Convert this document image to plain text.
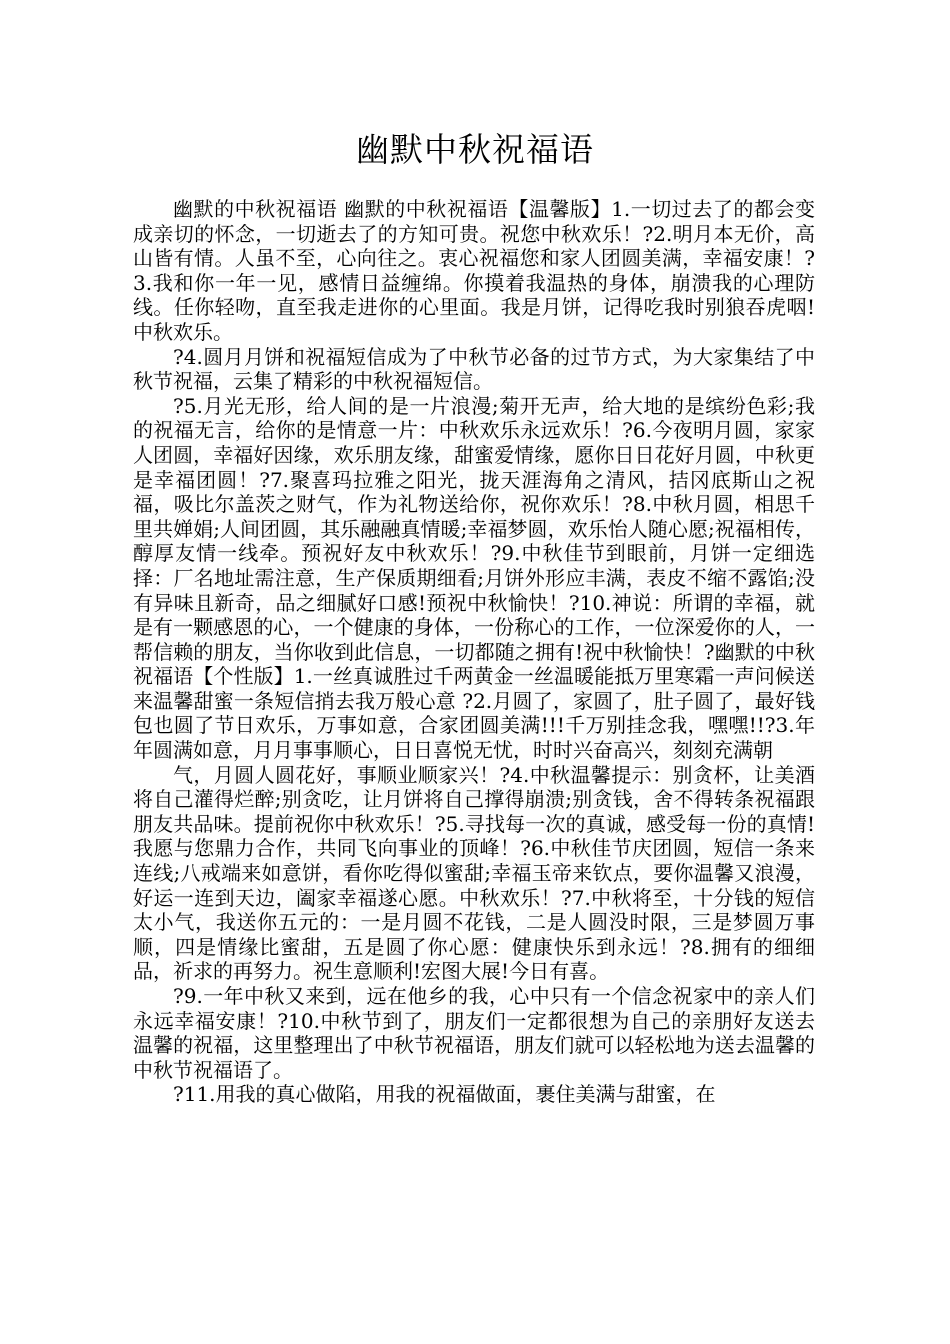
幽默中秋祝福语

幽默的中秋祝福语 幽默的中秋祝福语【温馨版】1.一切过去了的都会变成亲切的怀念，一切逝去了的方知可贵。祝您中秋欢乐！?2.明月本无价，高山皆有情。人虽不至，心向往之。衷心祝福您和家人团圆美满，幸福安康！?3.我和你一年一见，感情日益缠绵。你摸着我温热的身体，崩溃我的心理防线。任你轻吻，直至我走进你的心里面。我是月饼，记得吃我时别狼吞虎咽!中秋欢乐。

?4.圆月月饼和祝福短信成为了中秋节必备的过节方式，为大家集结了中秋节祝福，云集了精彩的中秋祝福短信。

?5.月光无形，给人间的是一片浪漫;菊开无声，给大地的是缤纷色彩;我的祝福无言，给你的是情意一片：中秋欢乐永远欢乐！?6.今夜明月圆，家家人团圆，幸福好因缘，欢乐朋友缘，甜蜜爱情缘，愿你日日花好月圆，中秋更是幸福团圆！?7.聚喜玛拉雅之阳光，拢天涯海角之清风，拮冈底斯山之祝福，吸比尔盖茨之财气，作为礼物送给你，祝你欢乐！?8.中秋月圆，相思千里共婵娟;人间团圆，其乐融融真情暖;幸福梦圆，欢乐怡人随心愿;祝福相传，醇厚友情一线牵。预祝好友中秋欢乐！?9.中秋佳节到眼前，月饼一定细选择：厂名地址需注意，生产保质期细看;月饼外形应丰满，表皮不缩不露馅;没有异味且新奇，品之细腻好口感!预祝中秋愉快！?10.神说：所谓的幸福，就是有一颗感恩的心，一个健康的身体，一份称心的工作，一位深爱你的人，一帮信赖的朋友，当你收到此信息，一切都随之拥有!祝中秋愉快！?幽默的中秋祝福语【个性版】1.一丝真诚胜过千两黄金一丝温暖能抵万里寒霜一声问候送来温馨甜蜜一条短信捎去我万般心意 ?2.月圆了，家圆了，肚子圆了，最好钱包也圆了节日欢乐，万事如意，合家团圆美满!!!千万别挂念我，嘿嘿!!?3.年年圆满如意，月月事事顺心，日日喜悦无忧，时时兴奋高兴，刻刻充满朝

气，月圆人圆花好，事顺业顺家兴！?4.中秋温馨提示：别贪杯，让美酒将自己灌得烂醉;别贪吃，让月饼将自己撑得崩溃;别贪钱，舍不得转条祝福跟朋友共品味。提前祝你中秋欢乐！?5.寻找每一次的真诚，感受每一份的真情!我愿与您鼎力合作，共同飞向事业的顶峰！?6.中秋佳节庆团圆，短信一条来连线;八戒端来如意饼，看你吃得似蜜甜;幸福玉帝来钦点，要你温馨又浪漫，好运一连到天边，阖家幸福遂心愿。中秋欢乐！?7.中秋将至，十分钱的短信太小气，我送你五元的：一是月圆不花钱，二是人圆没时限，三是梦圆万事顺，四是情缘比蜜甜，五是圆了你心愿：健康快乐到永远！?8.拥有的细细品，祈求的再努力。祝生意顺利!宏图大展!今日有喜。

?9.一年中秋又来到，远在他乡的我，心中只有一个信念祝家中的亲人们永远幸福安康！?10.中秋节到了，朋友们一定都很想为自己的亲朋好友送去温馨的祝福，这里整理出了中秋节祝福语，朋友们就可以轻松地为送去温馨的中秋节祝福语了。

?11.用我的真心做陷，用我的祝福做面，裹住美满与甜蜜，在
